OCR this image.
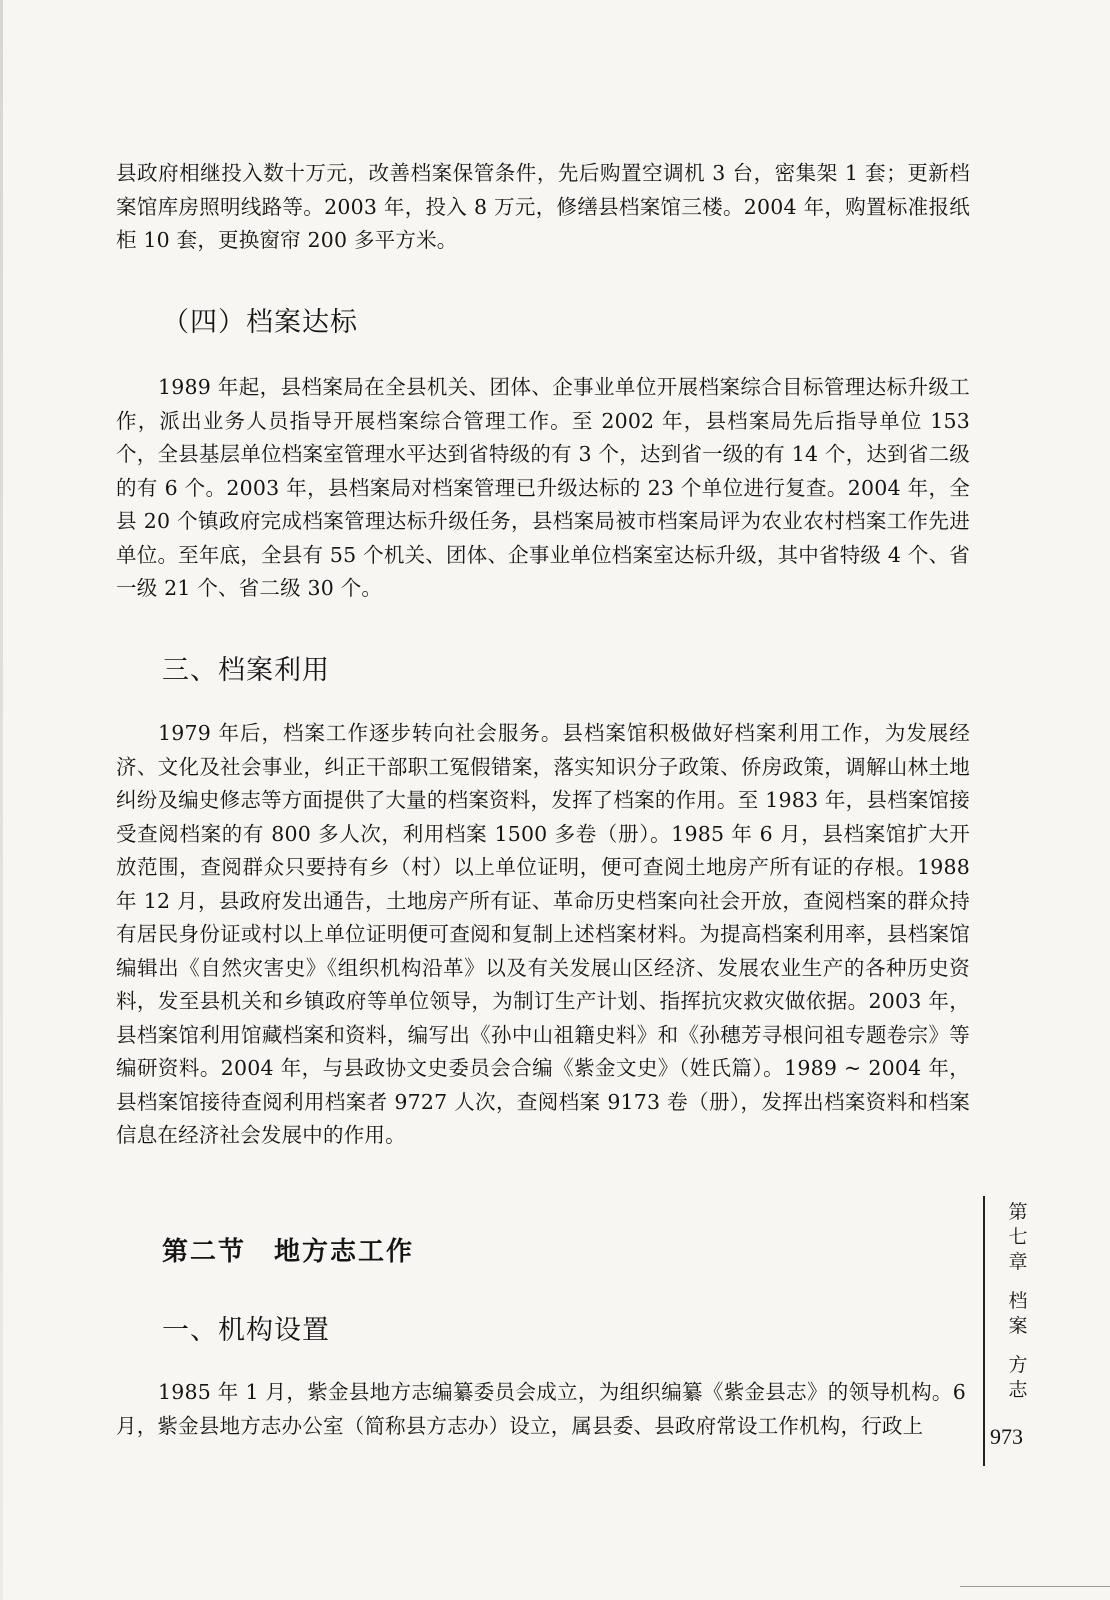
县政府相继投入数十万元，改善档案保管条件，先后购置空调机 3 台，密集架 1 套；更新档案馆库房照明线路等。2003 年，投入 8 万元，修缮县档案馆三楼。2004 年，购置标准报纸柜 10 套，更换窗帘 200 多平方米。

（四）档案达标

1989 年起，县档案局在全县机关、团体、企事业单位开展档案综合目标管理达标升级工作，派出业务人员指导开展档案综合管理工作。至 2002 年，县档案局先后指导单位 153 个，全县基层单位档案室管理水平达到省特级的有 3 个，达到省一级的有 14 个，达到省二级的有 6 个。2003 年，县档案局对档案管理已升级达标的 23 个单位进行复查。2004 年，全县 20 个镇政府完成档案管理达标升级任务，县档案局被市档案局评为农业农村档案工作先进单位。至年底，全县有 55 个机关、团体、企事业单位档案室达标升级，其中省特级 4 个、省一级 21 个、省二级 30 个。

三、档案利用

1979 年后，档案工作逐步转向社会服务。县档案馆积极做好档案利用工作，为发展经济、文化及社会事业，纠正干部职工冤假错案，落实知识分子政策、侨房政策，调解山林土地纠纷及编史修志等方面提供了大量的档案资料，发挥了档案的作用。至 1983 年，县档案馆接受查阅档案的有 800 多人次，利用档案 1500 多卷（册）。1985 年 6 月，县档案馆扩大开放范围，查阅群众只要持有乡（村）以上单位证明，便可查阅土地房产所有证的存根。1988 年 12 月，县政府发出通告，土地房产所有证、革命历史档案向社会开放，查阅档案的群众持有居民身份证或村以上单位证明便可查阅和复制上述档案材料。为提高档案利用率，县档案馆编辑出《自然灾害史》《组织机构沿革》以及有关发展山区经济、发展农业生产的各种历史资料，发至县机关和乡镇政府等单位领导，为制订生产计划、指挥抗灾救灾做依据。2003 年，县档案馆利用馆藏档案和资料，编写出《孙中山祖籍史料》和《孙穗芳寻根问祖专题卷宗》等编研资料。2004 年，与县政协文史委员会合编《紫金文史》（姓氏篇）。1989 ~ 2004 年，县档案馆接待查阅利用档案者 9727 人次，查阅档案 9173 卷（册），发挥出档案资料和档案信息在经济社会发展中的作用。

第二节　地方志工作
一、机构设置

1985 年 1 月，紫金县地方志编纂委员会成立，为组织编纂《紫金县志》的领导机构。6 月，紫金县地方志办公室（简称县方志办）设立，属县委、县政府常设工作机构，行政上

第
七
章
档
案
方
志
973
